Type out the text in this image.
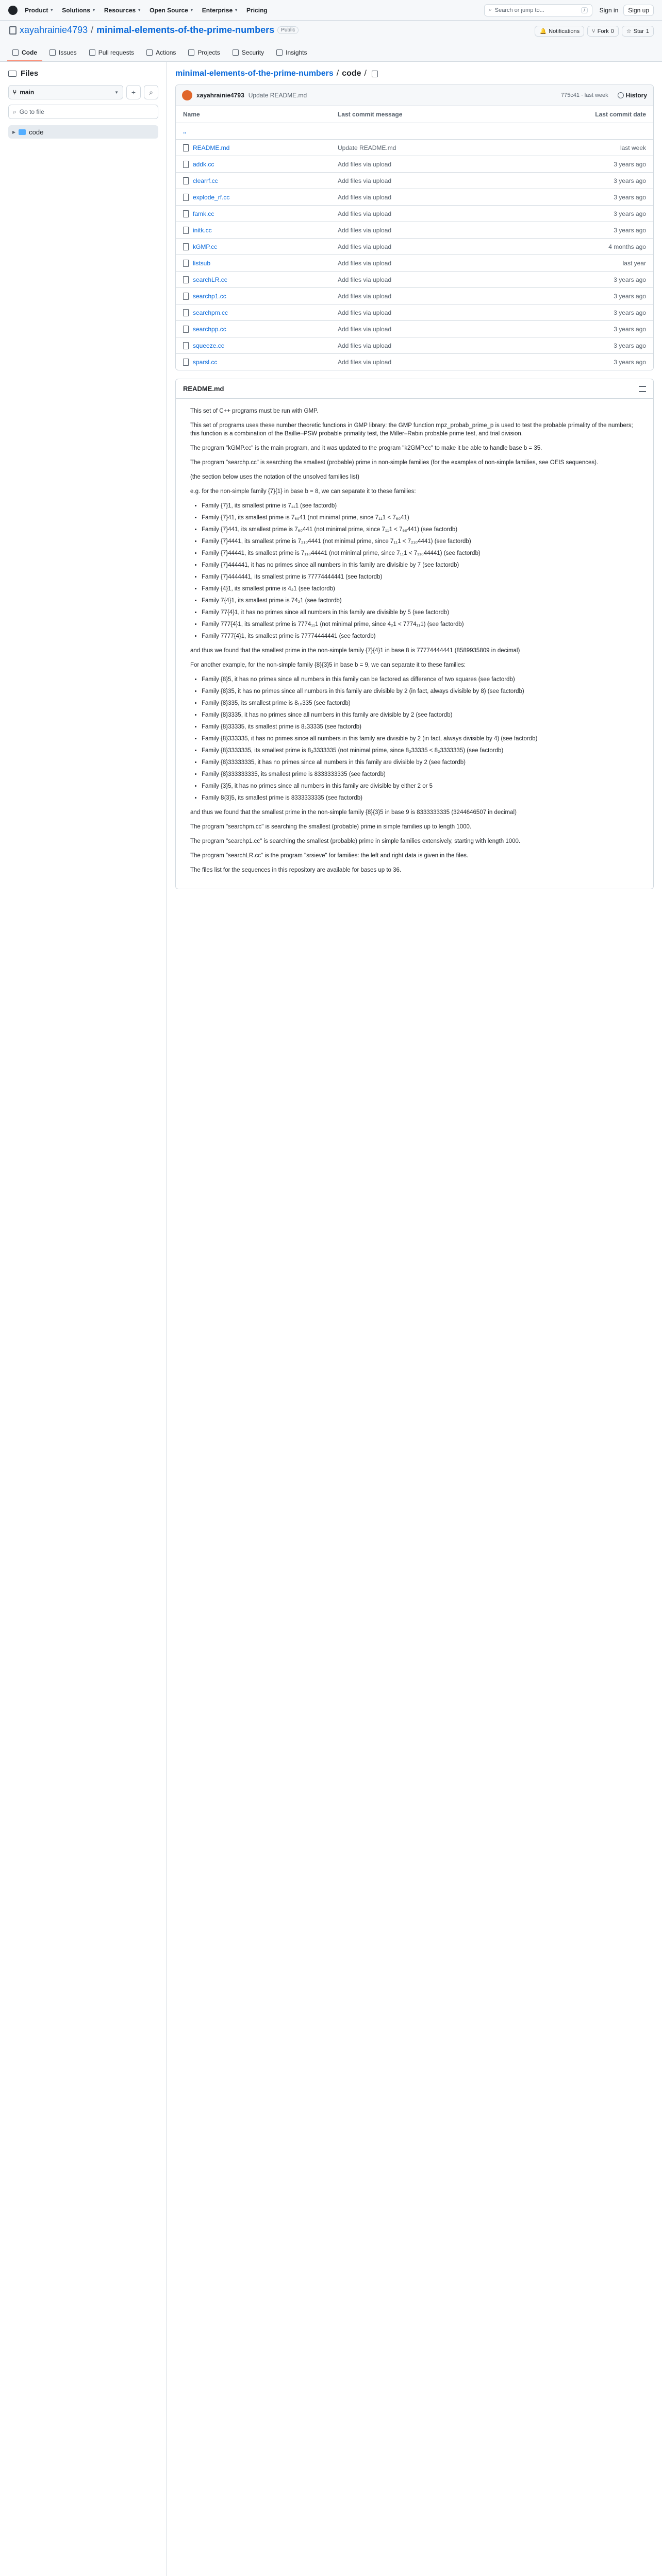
Product ▼ Solutions ▼ Resources ▼ Open Source ▼ Enterprise ▼ Pricing	⌕ Search or jump to...	/	Sign in	Sign up
xayahrainie4793 / minimal-elements-of-the-prime-numbers	Public	🔔 Notifications ⑂ Fork 0 ☆ Star 1
Code	Issues	Pull requests	Actions	Projects	Security	Insights
Files
⑂ main	▼	+	⌕
⌕ Go to file
▶ code
minimal-elements-of-the-prime-numbers / code /
xayahrainie4793 Update README.md	775c41 · last week	History
Name	Last commit message	Last commit date
..
README.md	Update README.md	last week
addk.cc	Add files via upload	3 years ago
clearrf.cc	Add files via upload	3 years ago
explode_rf.cc	Add files via upload	3 years ago
famk.cc	Add files via upload	3 years ago
initk.cc	Add files via upload	3 years ago
kGMP.cc	Add files via upload	4 months ago
listsub	Add files via upload	last year
searchLR.cc	Add files via upload	3 years ago
searchp1.cc	Add files via upload	3 years ago
searchpm.cc	Add files via upload	3 years ago
searchpp.cc	Add files via upload	3 years ago
squeeze.cc	Add files via upload	3 years ago
sparsl.cc	Add files via upload	3 years ago
README.md

This set of C++ programs must be run with GMP.

This set of programs uses these number theoretic functions in GMP library: the GMP function mpz_probab_prime_p is used to test the probable primality of the numbers; this function is a combination of the Baillie–PSW probable primality test, the Miller–Rabin probable prime test, and trial division.

The program "kGMP.cc" is the main program, and it was updated to the program "k2GMP.cc" to make it be able to handle base b = 35.

The program "searchp.cc" is searching the smallest (probable) prime in non-simple families (for the examples of non-simple families, see OEIS sequences).

(the section below uses the notation of the unsolved families list)

e.g. for the non-simple family {7}{1} in base b = 8, we can separate it to these families:

• Family {7}1, its smallest prime is 7₁₁1 (see factordb)
• Family {7}41, its smallest prime is 7₆₀41 (not minimal prime, since 7₁₁1 < 7₆₀41)
• Family {7}441, its smallest prime is 7₆₀441 (not minimal prime, since 7₁₁1 < 7₆₀441) (see factordb)
• Family {7}4441, its smallest prime is 7₂₁₀4441 (not minimal prime, since 7₁₁1 < 7₂₁₀4441) (see factordb)
• Family {7}44441, its smallest prime is 7₁₁₀44441 (not minimal prime, since 7₁₁1 < 7₁₁₀44441) (see factordb)
• Family {7}444441, it has no primes since all numbers in this family are divisible by 7 (see factordb)
• Family {7}4444441, its smallest prime is 77774444441 (see factordb)
• Family {4}1, its smallest prime is 4₂1 (see factordb)
• Family 7{4}1, its smallest prime is 74₂1 (see factordb)
• Family 77{4}1, it has no primes since all numbers in this family are divisible by 5 (see factordb)
• Family 777{4}1, its smallest prime is 7774₁₁1 (not minimal prime, since 4₂1 < 7774₁₁1) (see factordb)
• Family 7777{4}1, its smallest prime is 77774444441 (see factordb)

and thus we found that the smallest prime in the non-simple family {7}{4}1 in base 8 is 77774444441 (8589935809 in decimal)

For another example, for the non-simple family {8}{3}5 in base b = 9, we can separate it to these families:

• Family {8}5, it has no primes since all numbers in this family can be factored as difference of two squares (see factordb)
• Family {8}35, it has no primes since all numbers in this family are divisible by 2 (in fact, always divisible by 8) (see factordb)
• Family {8}335, its smallest prime is 8₁₀335 (see factordb)
• Family {8}3335, it has no primes since all numbers in this family are divisible by 2 (see factordb)
• Family {8}33335, its smallest prime is 8₂33335 (see factordb)
• Family {8}333335, it has no primes since all numbers in this family are divisible by 2 (in fact, always divisible by 4) (see factordb)
• Family {8}3333335, its smallest prime is 8₂3333335 (not minimal prime, since 8₂33335 < 8₂3333335) (see factordb)
• Family {8}33333335, it has no primes since all numbers in this family are divisible by 2 (see factordb)
• Family {8}333333335, its smallest prime is 8333333335 (see factordb)
• Family {3}5, it has no primes since all numbers in this family are divisible by either 2 or 5
• Family 8{3}5, its smallest prime is 8333333335 (see factordb)

and thus we found that the smallest prime in the non-simple family {8}{3}5 in base 9 is 8333333335 (3244646507 in decimal)

The program "searchpm.cc" is searching the smallest (probable) prime in simple families up to length 1000.

The program "searchp1.cc" is searching the smallest (probable) prime in simple families extensively, starting with length 1000.

The program "searchLR.cc" is the program "srsieve" for families: the left and right data is given in the files.

The files list for the sequences in this repository are available for bases up to 36.
